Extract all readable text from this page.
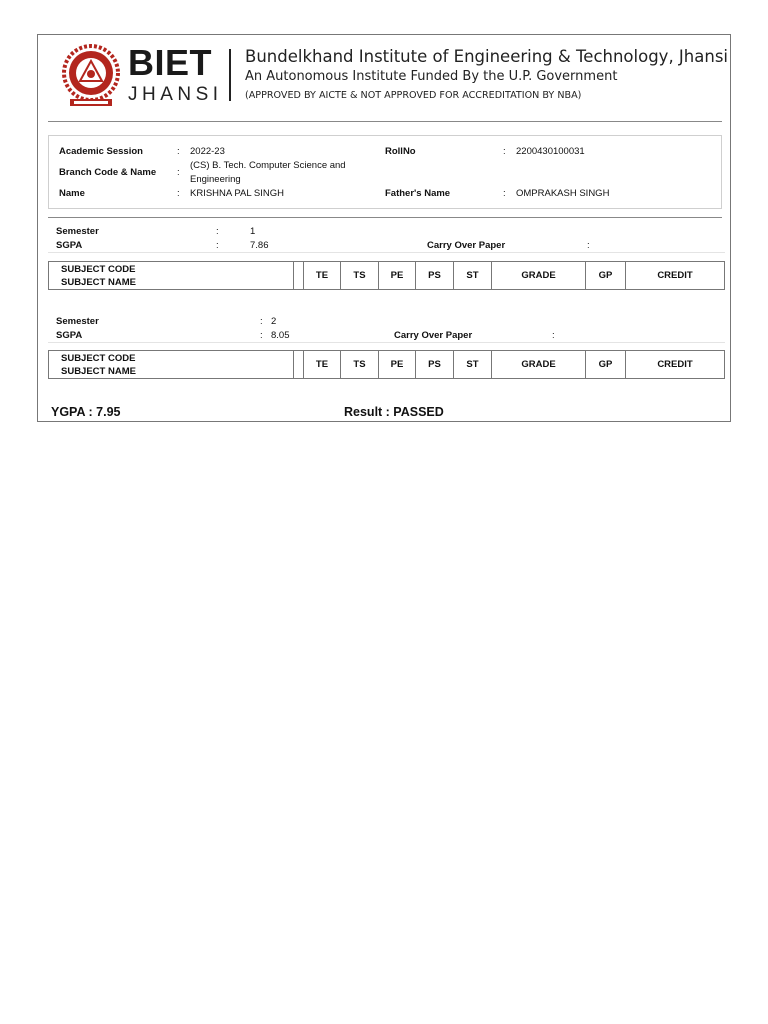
BIET
JHANSI
Bundelkhand Institute of Engineering & Technology, Jhansi
An Autonomous Institute Funded By the U.P. Government
(APPROVED BY AICTE & NOT APPROVED FOR ACCREDITATION BY NBA)
Academic Session	: 2022-23	RollNo	: 2200430100031
Branch Code & Name :
(CS) B. Tech. Computer Science and
Engineering
Name	: KRISHNA PAL SINGH	Father's Name	: OMPRAKASH SINGH
Semester	:	1
SGPA	:	7.86	Carry Over Paper	:
SUBJECT CODE
SUBJECT NAME
TE	TS	PE	PS	ST	GRADE	GP	CREDIT
Semester	: 2
SGPA	: 8.05	Carry Over Paper	:
SUBJECT CODE
SUBJECT NAME
TE	TS	PE	PS	ST	GRADE	GP	CREDIT
YGPA : 7.95	Result : PASSED
